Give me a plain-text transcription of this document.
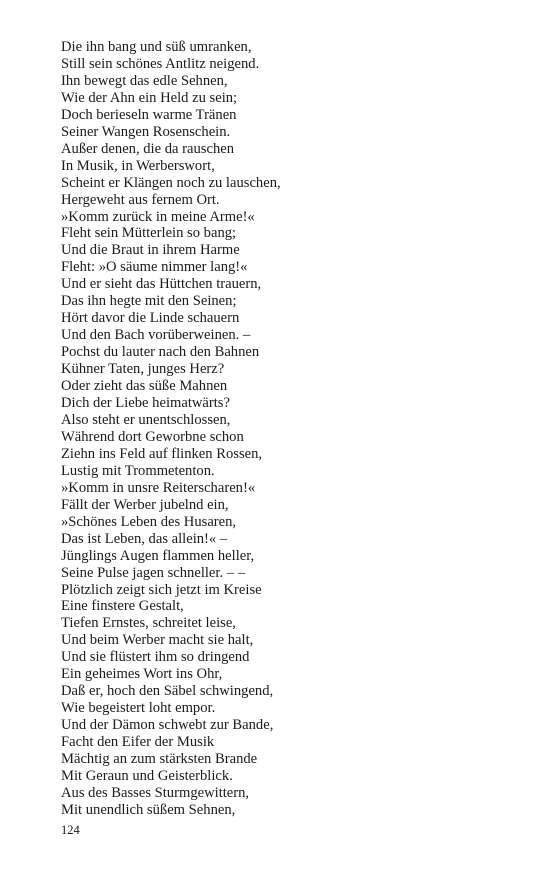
Die ihn bang und süß umranken,
Still sein schönes Antlitz neigend.
Ihn bewegt das edle Sehnen,
Wie der Ahn ein Held zu sein;
Doch berieseln warme Tränen
Seiner Wangen Rosenschein.
Außer denen, die da rauschen
In Musik, in Werberswort,
Scheint er Klängen noch zu lauschen,
Hergeweht aus fernem Ort.
»Komm zurück in meine Arme!«
Fleht sein Mütterlein so bang;
Und die Braut in ihrem Harme
Fleht: »O säume nimmer lang!«
Und er sieht das Hüttchen trauern,
Das ihn hegte mit den Seinen;
Hört davor die Linde schauern
Und den Bach vorüberweinen. –
Pochst du lauter nach den Bahnen
Kühner Taten, junges Herz?
Oder zieht das süße Mahnen
Dich der Liebe heimatwärts?
Also steht er unentschlossen,
Während dort Geworbne schon
Ziehn ins Feld auf flinken Rossen,
Lustig mit Trommetenton.
»Komm in unsre Reiterscharen!«
Fällt der Werber jubelnd ein,
»Schönes Leben des Husaren,
Das ist Leben, das allein!« –
Jünglings Augen flammen heller,
Seine Pulse jagen schneller. – –
Plötzlich zeigt sich jetzt im Kreise
Eine finstere Gestalt,
Tiefen Ernstes, schreitet leise,
Und beim Werber macht sie halt,
Und sie flüstert ihm so dringend
Ein geheimes Wort ins Ohr,
Daß er, hoch den Säbel schwingend,
Wie begeistert loht empor.
Und der Dämon schwebt zur Bande,
Facht den Eifer der Musik
Mächtig an zum stärksten Brande
Mit Geraun und Geisterblick.
Aus des Basses Sturmgewittern,
Mit unendlich süßem Sehnen,
124
